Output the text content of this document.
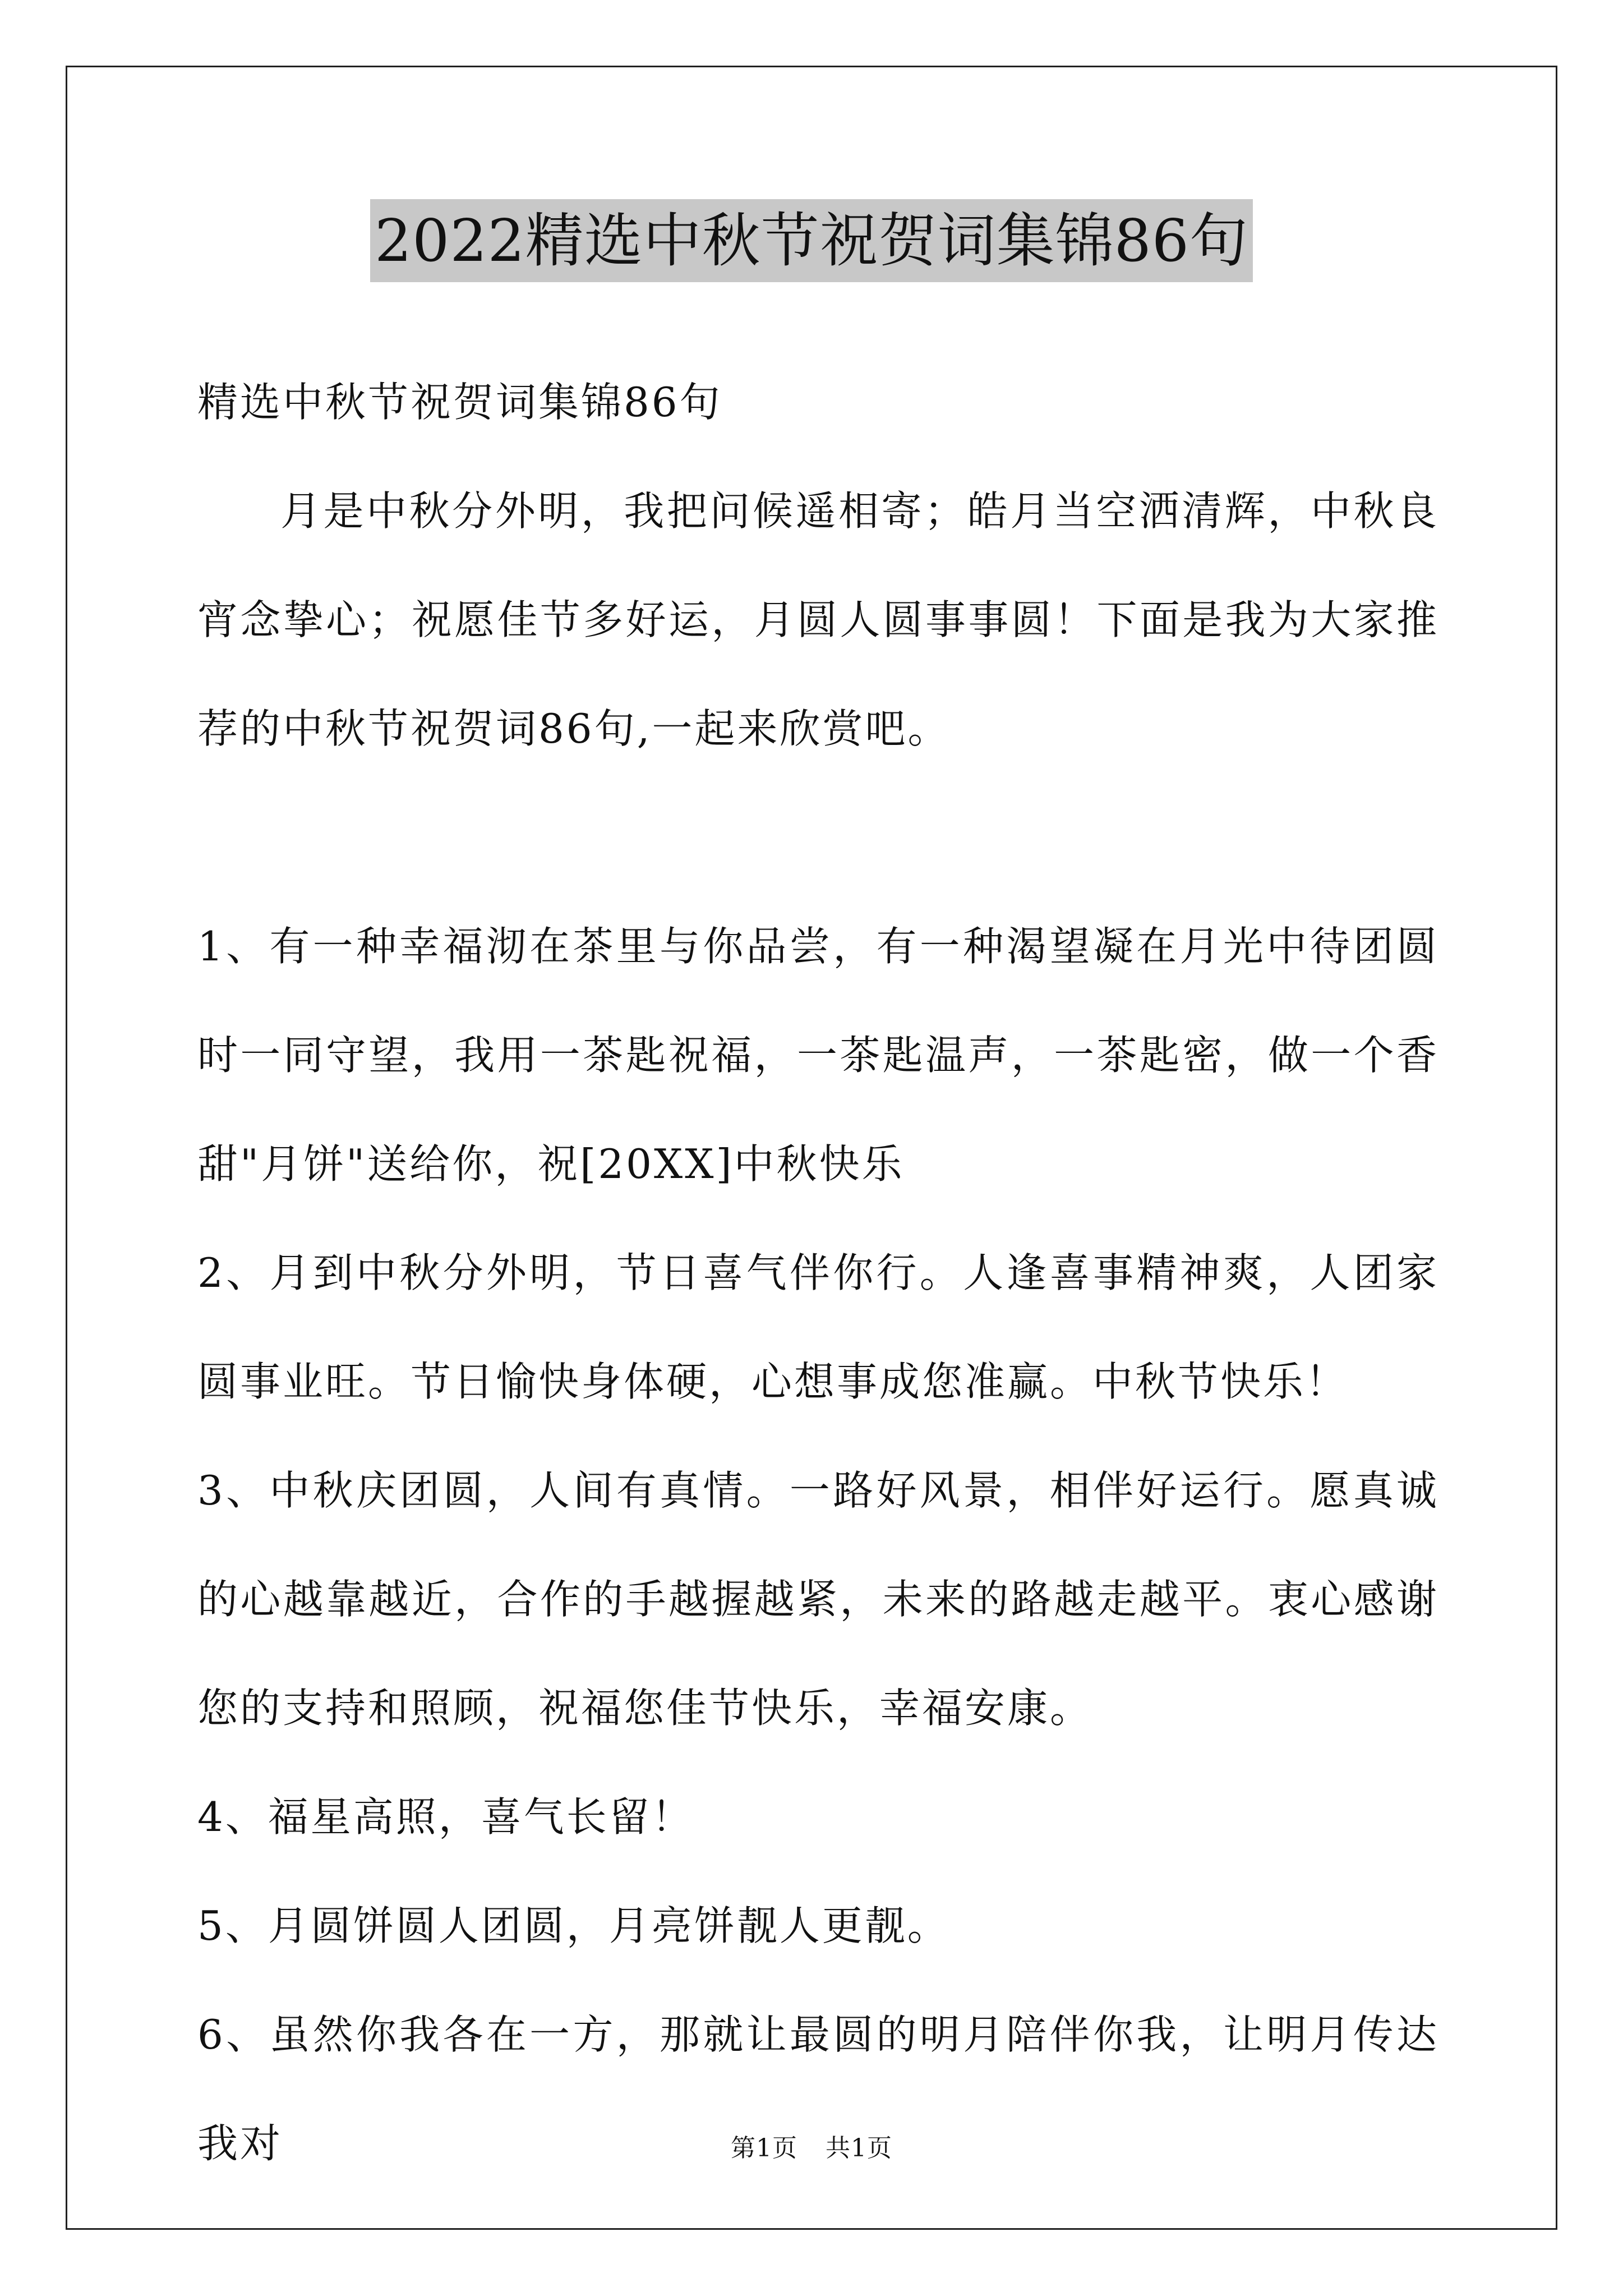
2022精选中秋节祝贺词集锦86句

精选中秋节祝贺词集锦86句

月是中秋分外明，我把问候遥相寄；皓月当空洒清辉，中秋良宵念挚心；祝愿佳节多好运，月圆人圆事事圆！下面是我为大家推荐的中秋节祝贺词86句,一起来欣赏吧。

1、有一种幸福沏在茶里与你品尝，有一种渴望凝在月光中待团圆时一同守望，我用一茶匙祝福，一茶匙温声，一茶匙密，做一个香甜"月饼"送给你，祝[20XX]中秋快乐

2、月到中秋分外明，节日喜气伴你行。人逢喜事精神爽，人团家圆事业旺。节日愉快身体硬，心想事成您准赢。中秋节快乐！

3、中秋庆团圆，人间有真情。一路好风景，相伴好运行。愿真诚的心越靠越近，合作的手越握越紧，未来的路越走越平。衷心感谢您的支持和照顾，祝福您佳节快乐，幸福安康。

4、福星高照，喜气长留！

5、月圆饼圆人团圆，月亮饼靓人更靓。

6、虽然你我各在一方，那就让最圆的明月陪伴你我，让明月传达我对	第1页 共1页
